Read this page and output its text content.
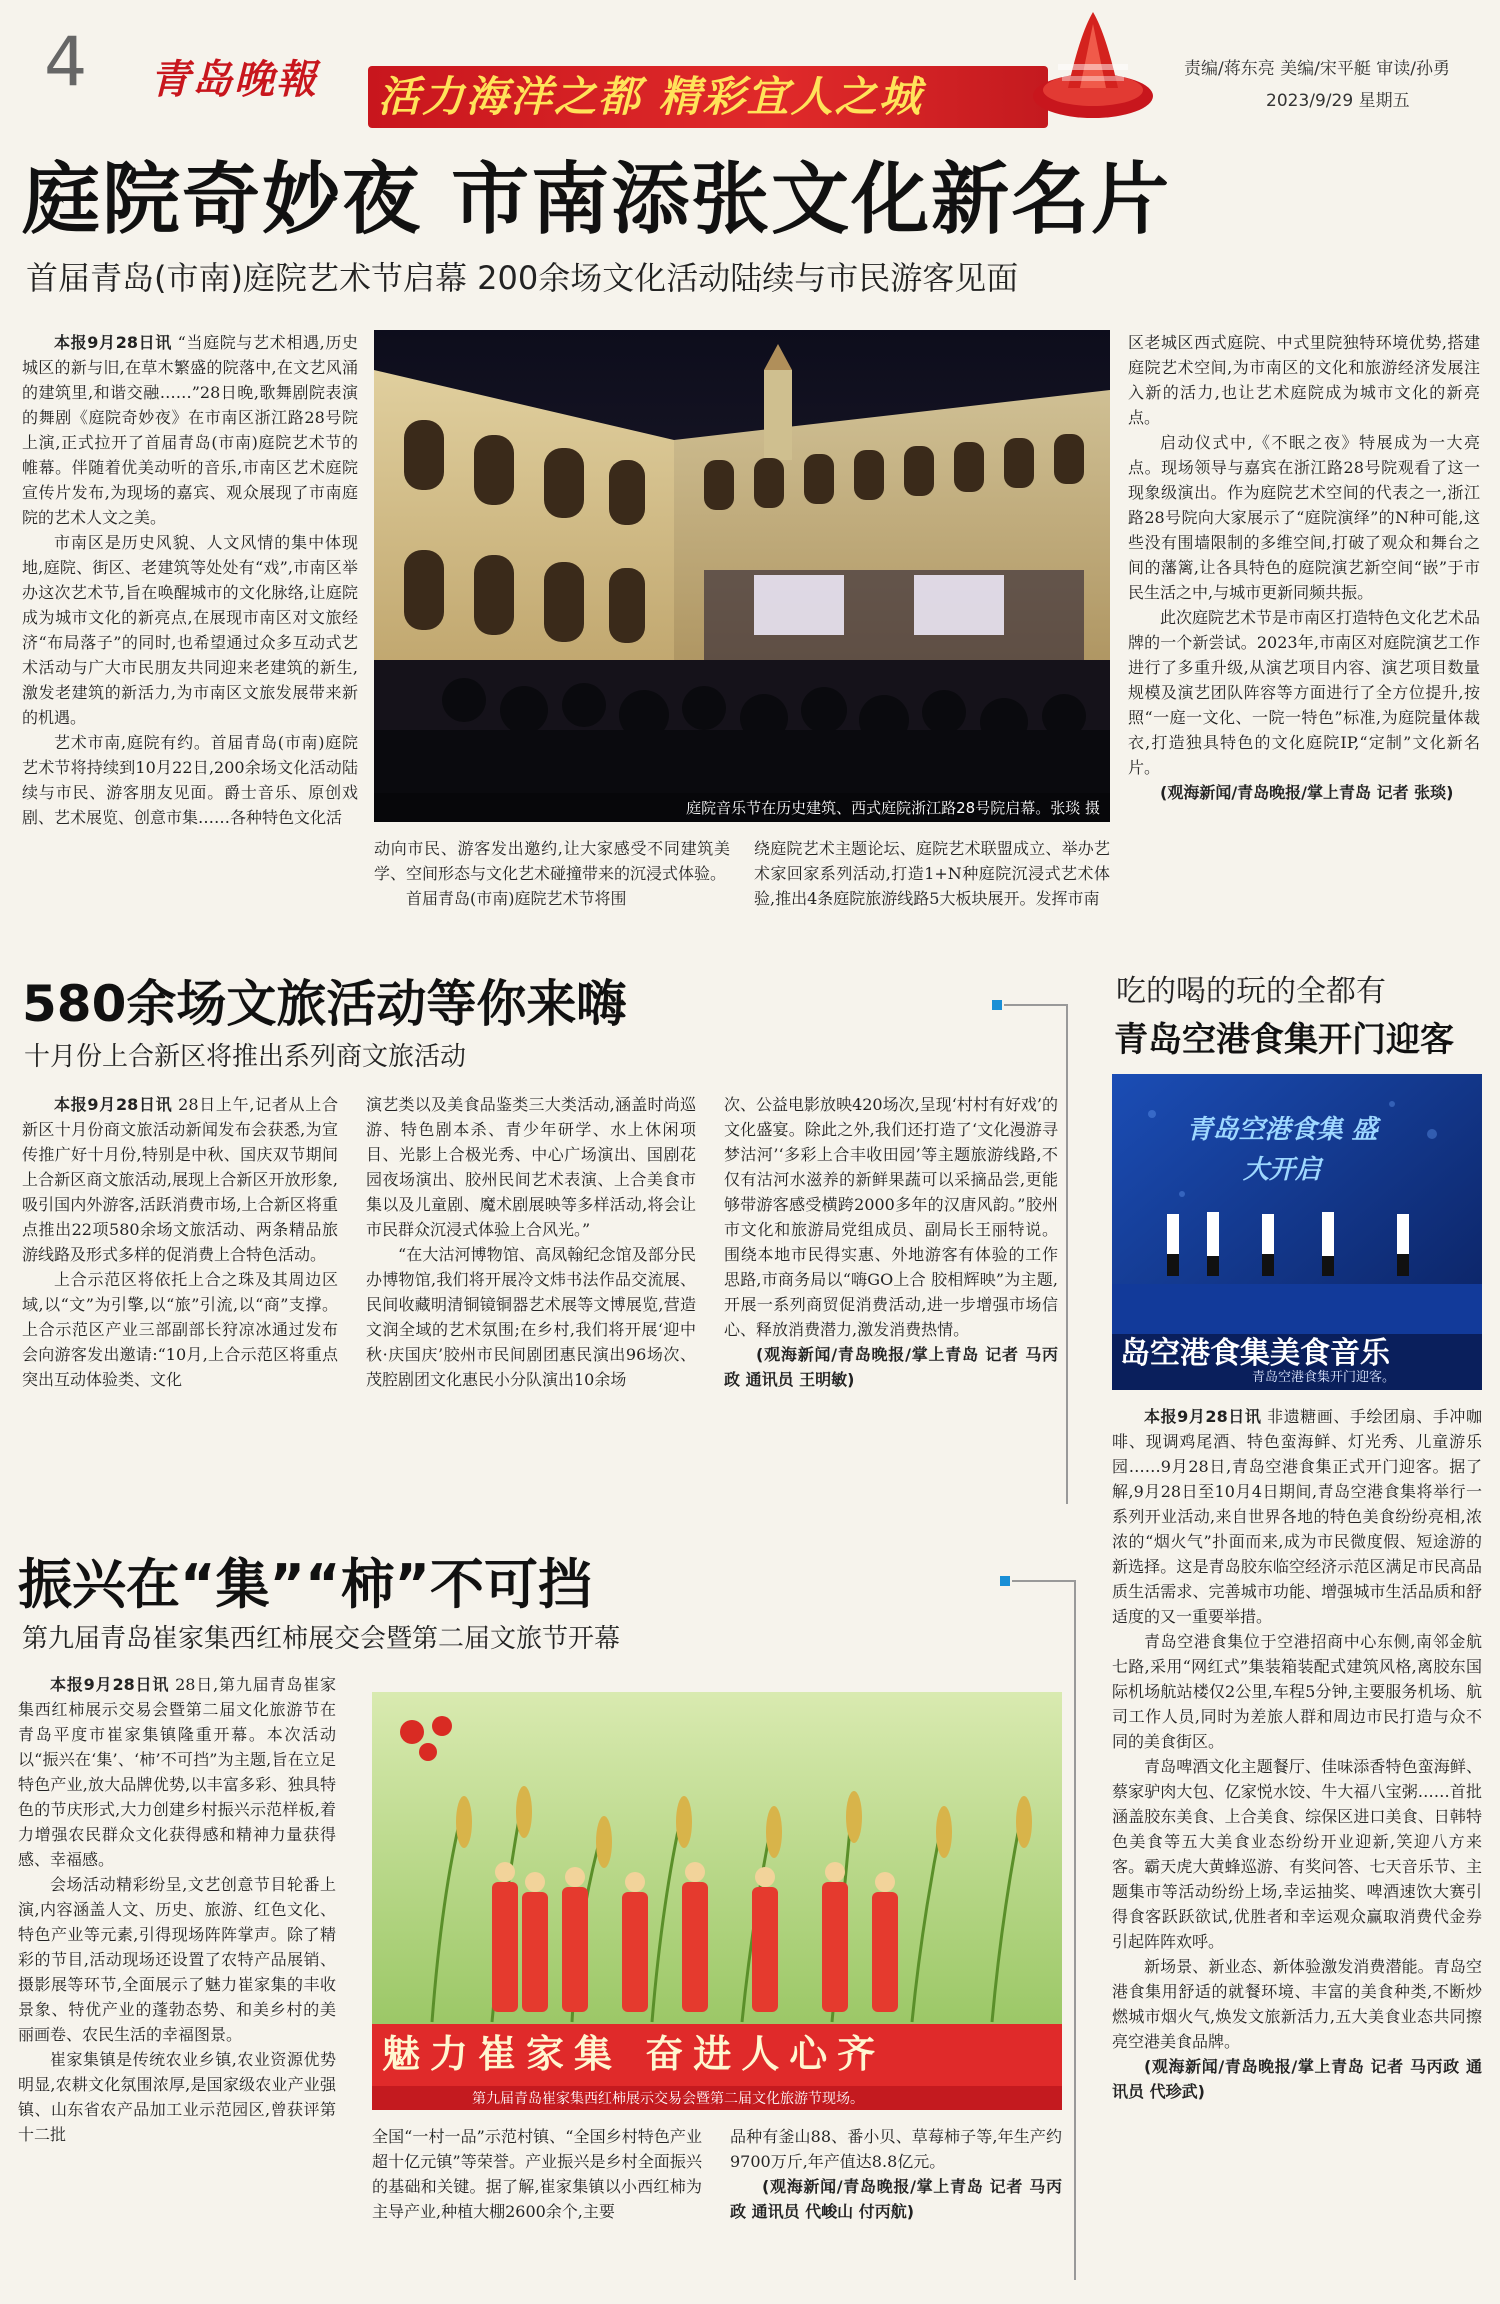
4 青岛晚報 活力海洋之都 精彩宜人之城
责编/蒋东亮 美编/宋平艇 审读/孙勇
2023/9/29 星期五
庭院奇妙夜 市南添张文化新名片
首届青岛(市南)庭院艺术节启幕 200余场文化活动陆续与市民游客见面

本报9月28日讯 “当庭院与艺术相遇,历史城区的新与旧,在草木繁盛的院落中,在文艺风涌的建筑里,和谐交融……”28日晚,歌舞剧院表演的舞剧《庭院奇妙夜》在市南区浙江路28号院上演,正式拉开了首届青岛(市南)庭院艺术节的帷幕。伴随着优美动听的音乐,市南区艺术庭院宣传片发布,为现场的嘉宾、观众展现了市南庭院的艺术人文之美。

市南区是历史风貌、人文风情的集中体现地,庭院、街区、老建筑等处处有“戏”,市南区举办这次艺术节,旨在唤醒城市的文化脉络,让庭院成为城市文化的新亮点,在展现市南区对文旅经济“布局落子”的同时,也希望通过众多互动式艺术活动与广大市民朋友共同迎来老建筑的新生,激发老建筑的新活力,为市南区文旅发展带来新的机遇。

艺术市南,庭院有约。首届青岛(市南)庭院艺术节将持续到10月22日,200余场文化活动陆续与市民、游客朋友见面。爵士音乐、原创戏剧、艺术展览、创意市集……各种特色文化活	庭院音乐节在历史建筑、西式庭院浙江路28号院启幕。张琰 摄

动向市民、游客发出邀约,让大家感受不同建筑美学、空间形态与文化艺术碰撞带来的沉浸式体验。

首届青岛(市南)庭院艺术节将围

绕庭院艺术主题论坛、庭院艺术联盟成立、举办艺术家回家系列活动,打造1+N种庭院沉浸式艺术体验,推出4条庭院旅游线路5大板块展开。发挥市南

区老城区西式庭院、中式里院独特环境优势,搭建庭院艺术空间,为市南区的文化和旅游经济发展注入新的活力,也让艺术庭院成为城市文化的新亮点。

启动仪式中,《不眠之夜》特展成为一大亮点。现场领导与嘉宾在浙江路28号院观看了这一现象级演出。作为庭院艺术空间的代表之一,浙江路28号院向大家展示了“庭院演绎”的N种可能,这些没有围墙限制的多维空间,打破了观众和舞台之间的藩篱,让各具特色的庭院演艺新空间“嵌”于市民生活之中,与城市更新同频共振。

此次庭院艺术节是市南区打造特色文化艺术品牌的一个新尝试。2023年,市南区对庭院演艺工作进行了多重升级,从演艺项目内容、演艺项目数量规模及演艺团队阵容等方面进行了全方位提升,按照“一庭一文化、一院一特色”标准,为庭院量体裁衣,打造独具特色的文化庭院IP,“定制”文化新名片。

(观海新闻/青岛晚报/掌上青岛 记者 张琰)

580余场文旅活动等你来嗨
十月份上合新区将推出系列商文旅活动

本报9月28日讯 28日上午,记者从上合新区十月份商文旅活动新闻发布会获悉,为宣传推广好十月份,特别是中秋、国庆双节期间上合新区商文旅活动,展现上合新区开放形象,吸引国内外游客,活跃消费市场,上合新区将重点推出22项580余场文旅活动、两条精品旅游线路及形式多样的促消费上合特色活动。

上合示范区将依托上合之珠及其周边区域,以“文”为引擎,以“旅”引流,以“商”支撑。上合示范区产业三部副部长狩凉冰通过发布会向游客发出邀请:“10月,上合示范区将重点突出互动体验类、文化

演艺类以及美食品鉴类三大类活动,涵盖时尚巡游、特色剧本杀、青少年研学、水上休闲项目、光影上合极光秀、中心广场演出、国剧花园夜场演出、胶州民间艺术表演、上合美食市集以及儿童剧、魔术剧展映等多样活动,将会让市民群众沉浸式体验上合风光。”

“在大沽河博物馆、高凤翰纪念馆及部分民办博物馆,我们将开展冷文炜书法作品交流展、民间收藏明清铜镜铜器艺术展等文博展览,营造文润全域的艺术氛围;在乡村,我们将开展‘迎中秋·庆国庆’胶州市民间剧团惠民演出96场次、茂腔剧团文化惠民小分队演出10余场

次、公益电影放映420场次,呈现‘村村有好戏’的文化盛宴。除此之外,我们还打造了‘文化漫游寻梦沽河’‘多彩上合丰收田园’等主题旅游线路,不仅有沽河水滋养的新鲜果蔬可以采摘品尝,更能够带游客感受横跨2000多年的汉唐风韵。”胶州市文化和旅游局党组成员、副局长王丽特说。围绕本地市民得实惠、外地游客有体验的工作思路,市商务局以“嗨GO上合 胶相辉映”为主题,开展一系列商贸促消费活动,进一步增强市场信心、释放消费潜力,激发消费热情。

(观海新闻/青岛晚报/掌上青岛 记者 马丙政 通讯员 王明敏)

吃的喝的玩的全都有
青岛空港食集开门迎客
青岛空港食集 盛大开启
岛空港食集美食音乐
青岛空港食集开门迎客。

本报9月28日讯 非遗糖画、手绘团扇、手冲咖啡、现调鸡尾酒、特色蛮海鲜、灯光秀、儿童游乐园……9月28日,青岛空港食集正式开门迎客。据了解,9月28日至10月4日期间,青岛空港食集将举行一系列开业活动,来自世界各地的特色美食纷纷亮相,浓浓的“烟火气”扑面而来,成为市民微度假、短途游的新选择。这是青岛胶东临空经济示范区满足市民高品质生活需求、完善城市功能、增强城市生活品质和舒适度的又一重要举措。

青岛空港食集位于空港招商中心东侧,南邻金航七路,采用“网红式”集装箱装配式建筑风格,离胶东国际机场航站楼仅2公里,车程5分钟,主要服务机场、航司工作人员,同时为差旅人群和周边市民打造与众不同的美食街区。

青岛啤酒文化主题餐厅、佳味添香特色蛮海鲜、蔡家驴肉大包、亿家悦水饺、牛大福八宝粥……首批涵盖胶东美食、上合美食、综保区进口美食、日韩特色美食等五大美食业态纷纷开业迎新,笑迎八方来客。霸天虎大黄蜂巡游、有奖问答、七天音乐节、主题集市等活动纷纷上场,幸运抽奖、啤酒速饮大赛引得食客跃跃欲试,优胜者和幸运观众赢取消费代金券引起阵阵欢呼。

新场景、新业态、新体验激发消费潜能。青岛空港食集用舒适的就餐环境、丰富的美食种类,不断炒燃城市烟火气,焕发文旅新活力,五大美食业态共同擦亮空港美食品牌。

(观海新闻/青岛晚报/掌上青岛 记者 马丙政 通讯员 代珍武)

振兴在“集”“柿”不可挡
第九届青岛崔家集西红柿展交会暨第二届文旅节开幕

本报9月28日讯 28日,第九届青岛崔家集西红柿展示交易会暨第二届文化旅游节在青岛平度市崔家集镇隆重开幕。本次活动以“振兴在‘集’、‘柿’不可挡”为主题,旨在立足特色产业,放大品牌优势,以丰富多彩、独具特色的节庆形式,大力创建乡村振兴示范样板,着力增强农民群众文化获得感和精神力量获得感、幸福感。

会场活动精彩纷呈,文艺创意节目轮番上演,内容涵盖人文、历史、旅游、红色文化、特色产业等元素,引得现场阵阵掌声。除了精彩的节目,活动现场还设置了农特产品展销、摄影展等环节,全面展示了魅力崔家集的丰收景象、特优产业的蓬勃态势、和美乡村的美丽画卷、农民生活的幸福图景。

崔家集镇是传统农业乡镇,农业资源优势明显,农耕文化氛围浓厚,是国家级农业产业强镇、山东省农产品加工业示范园区,曾获评第十二批

魅力崔家集 奋进人心齐
第九届青岛崔家集西红柿展示交易会暨第二届文化旅游节现场。

全国“一村一品”示范村镇、“全国乡村特色产业超十亿元镇”等荣誉。产业振兴是乡村全面振兴的基础和关键。据了解,崔家集镇以小西红柿为主导产业,种植大棚2600余个,主要

品种有釜山88、番小贝、草莓柿子等,年生产约9700万斤,年产值达8.8亿元。

(观海新闻/青岛晚报/掌上青岛 记者 马丙政 通讯员 代峻山 付丙航)
